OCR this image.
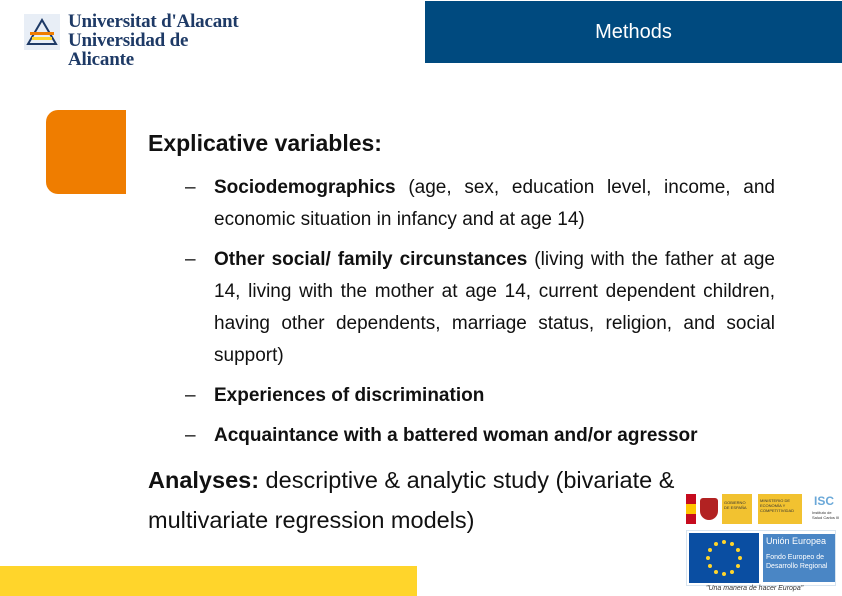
Universitat d'Alacant
Universidad de Alicante
Methods
Explicative variables:
– Sociodemographics (age, sex, education level, income, and economic situation in infancy and at age 14)
– Other social/ family circunstances (living with the father at age 14, living with the mother at age 14, current dependent children, having other dependents, marriage status, religion, and social support)
– Experiences of discrimination
– Acquaintance with a battered woman and/or agressor
Analyses: descriptive & analytic study (bivariate & multivariate regression models)
GOBIERNO DE ESPAÑA
MINISTERIO DE ECONOMÍA Y COMPETITIVIDAD
ISC
Instituto de Salud Carlos III
Unión Europea
Fondo Europeo de Desarrollo Regional
"Una manera de hacer Europa"
